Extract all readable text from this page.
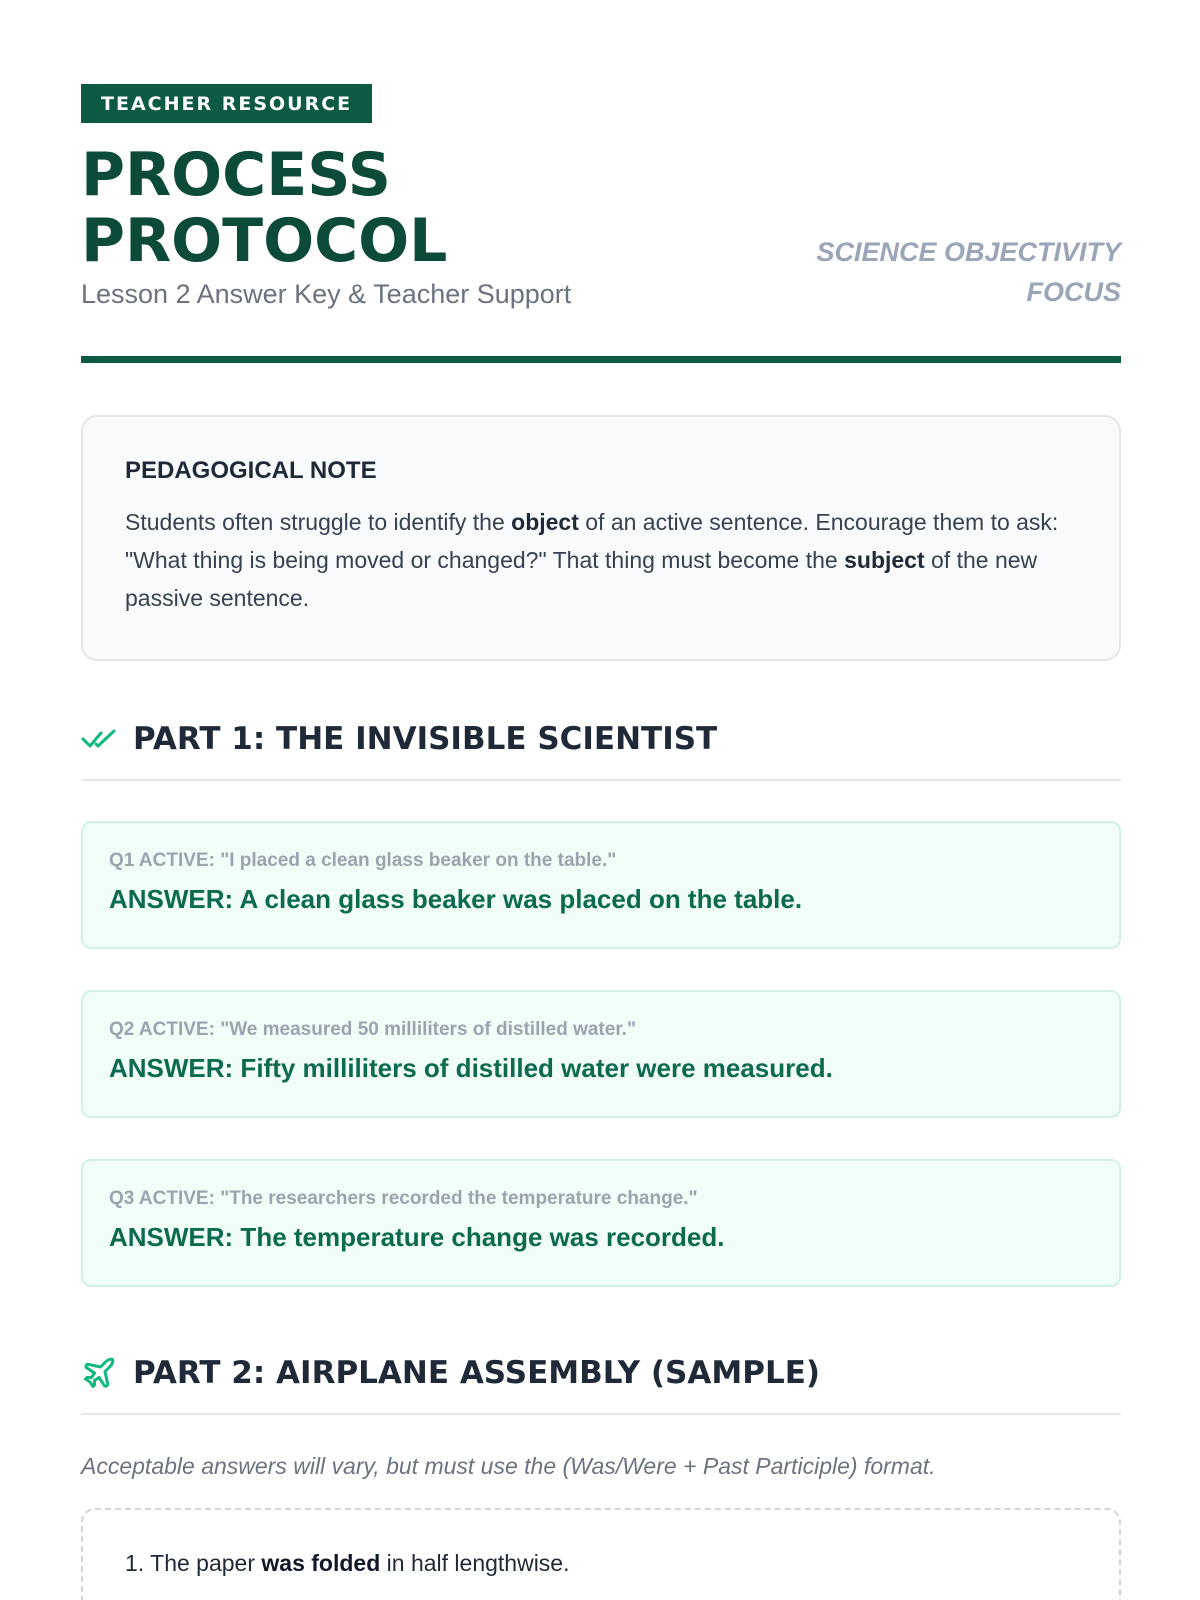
TEACHER RESOURCE
PROCESS
PROTOCOL
Lesson 2 Answer Key & Teacher Support
SCIENCE OBJECTIVITY
FOCUS
PEDAGOGICAL NOTE
Students often struggle to identify the object of an active sentence. Encourage them to ask: "What thing is being moved or changed?" That thing must become the subject of the new passive sentence.
PART 1: THE INVISIBLE SCIENTIST
Q1 ACTIVE: "I placed a clean glass beaker on the table."
ANSWER: A clean glass beaker was placed on the table.
Q2 ACTIVE: "We measured 50 milliliters of distilled water."
ANSWER: Fifty milliliters of distilled water were measured.
Q3 ACTIVE: "The researchers recorded the temperature change."
ANSWER: The temperature change was recorded.
PART 2: AIRPLANE ASSEMBLY (SAMPLE)
Acceptable answers will vary, but must use the (Was/Were + Past Participle) format.
1. The paper was folded in half lengthwise.
